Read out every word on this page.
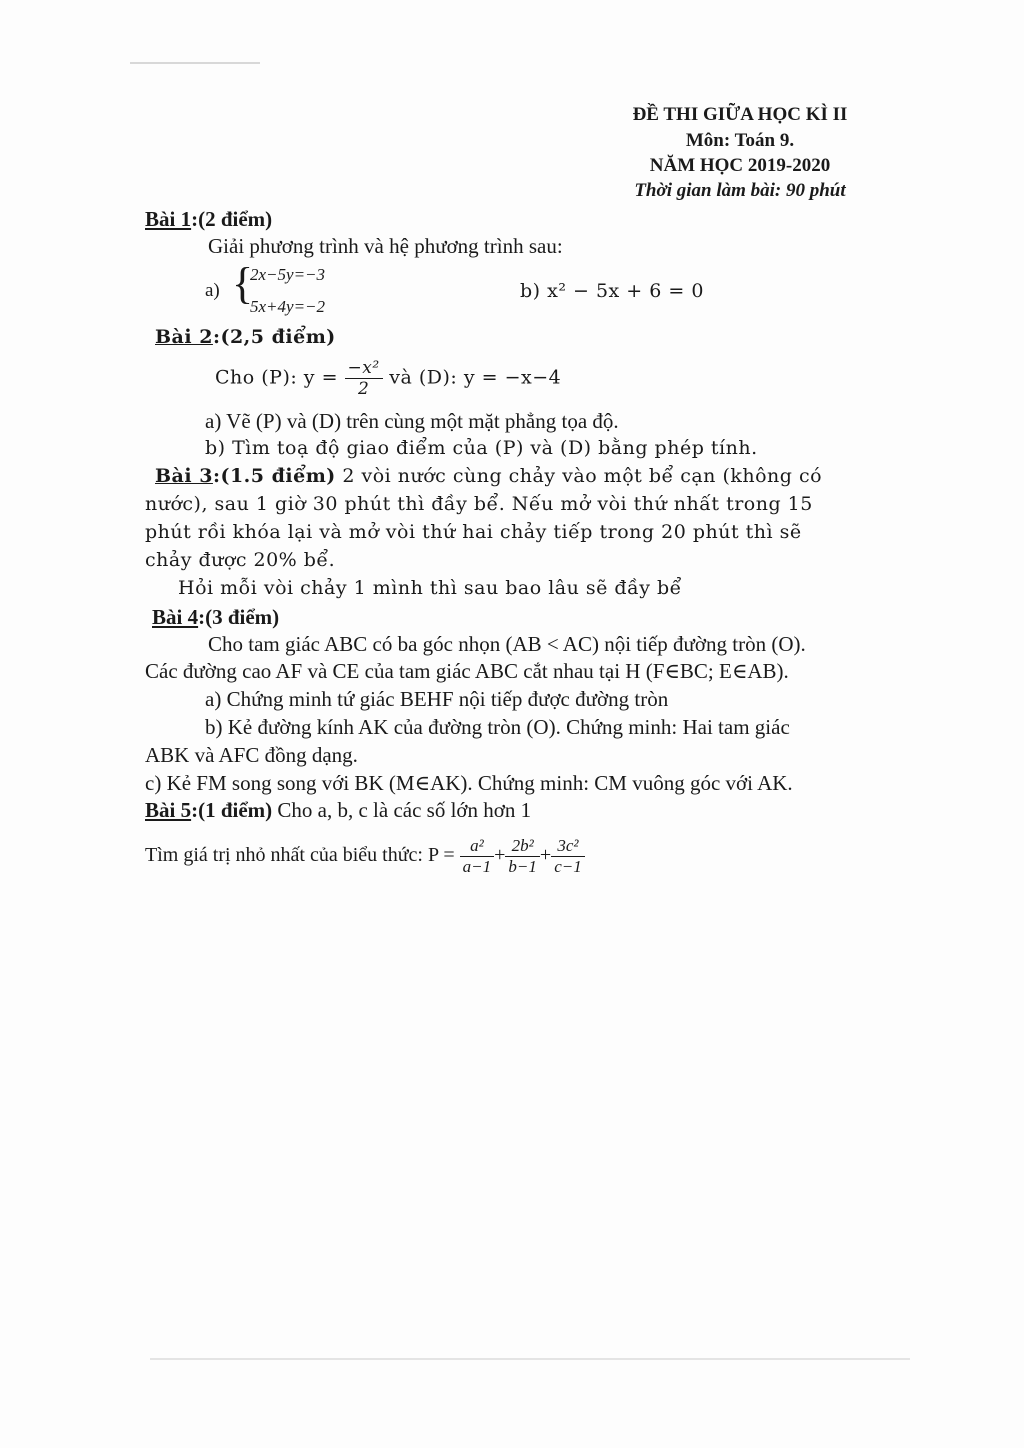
ĐỀ THI GIỮA HỌC KÌ II
Môn: Toán 9.
NĂM HỌC 2019-2020
Thời gian làm bài: 90 phút
Bài 1:(2 điểm)
Giải phương trình và hệ phương trình sau:
a) {
2x−5y=−3
5x+4y=−2
b) x² − 5x + 6 = 0
Bài 2:(2,5 điểm)
Cho (P): $y = \frac{\text{−x²}}{2}$ và (D): y = −x−4
a) Vẽ (P) và (D) trên cùng một mặt phẳng tọa độ.
b) Tìm toạ độ giao điểm của (P) và (D) bằng phép tính.
Bài 3:(1.5 điểm) 2 vòi nước cùng chảy vào một bể cạn (không có
nước), sau 1 giờ 30 phút thì đầy bể. Nếu mở vòi thứ nhất trong 15
phút rồi khóa lại và mở vòi thứ hai chảy tiếp trong 20 phút thì sẽ
chảy được 20% bể.
Hỏi mỗi vòi chảy 1 mình thì sau bao lâu sẽ đầy bể
Bài 4:(3 điểm)
Cho tam giác ABC có ba góc nhọn (AB < AC) nội tiếp đường tròn (O).
Các đường cao AF và CE của tam giác ABC cắt nhau tại H (F∈BC; E∈AB).
a) Chứng minh tứ giác BEHF nội tiếp được đường tròn
b) Kẻ đường kính AK của đường tròn (O). Chứng minh: Hai tam giác
ABK và AFC đồng dạng.
c) Kẻ FM song song với BK (M∈AK). Chứng minh: CM vuông góc với AK.
Bài 5:(1 điểm) Cho a, b, c là các số lớn hơn 1
Tìm giá trị nhỏ nhất của biểu thức: $P = \frac{\text{a²}}{a-1} + \frac{\text{2b²}}{b-1} + \frac{\text{3c²}}{c-1}$
